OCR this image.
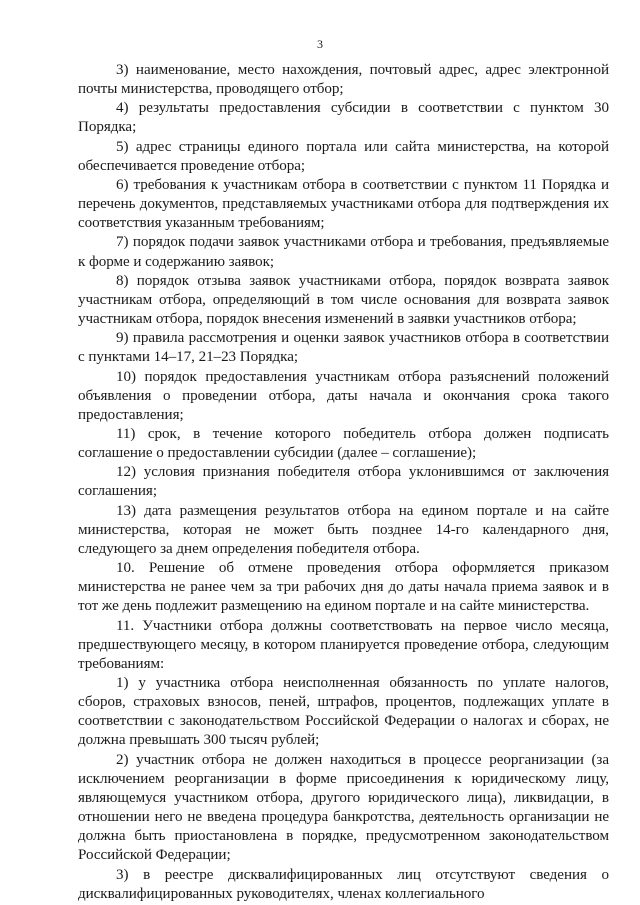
3

3) наименование, место нахождения, почтовый адрес, адрес электронной почты министерства, проводящего отбор;

4) результаты предоставления субсидии в соответствии с пунктом 30 Порядка;

5) адрес страницы единого портала или сайта министерства, на которой обеспечивается проведение отбора;

6) требования к участникам отбора в соответствии с пунктом 11 Порядка и перечень документов, представляемых участниками отбора для подтверждения их соответствия указанным требованиям;

7) порядок подачи заявок участниками отбора и требования, предъявляемые к форме и содержанию заявок;

8) порядок отзыва заявок участниками отбора, порядок возврата заявок участникам отбора, определяющий в том числе основания для возврата заявок участникам отбора, порядок внесения изменений в заявки участников отбора;

9) правила рассмотрения и оценки заявок участников отбора в соответствии с пунктами 14–17, 21–23 Порядка;

10) порядок предоставления участникам отбора разъяснений положений объявления о проведении отбора, даты начала и окончания срока такого предоставления;

11) срок, в течение которого победитель отбора должен подписать соглашение о предоставлении субсидии (далее – соглашение);

12) условия признания победителя отбора уклонившимся от заключения соглашения;

13) дата размещения результатов отбора на едином портале и на сайте министерства, которая не может быть позднее 14-го календарного дня, следующего за днем определения победителя отбора.

10. Решение об отмене проведения отбора оформляется приказом министерства не ранее чем за три рабочих дня до даты начала приема заявок и в тот же день подлежит размещению на едином портале и на сайте министерства.

11. Участники отбора должны соответствовать на первое число месяца, предшествующего месяцу, в котором планируется проведение отбора, следующим требованиям:

1) у участника отбора неисполненная обязанность по уплате налогов, сборов, страховых взносов, пеней, штрафов, процентов, подлежащих уплате в соответствии с законодательством Российской Федерации о налогах и сборах, не должна превышать 300 тысяч рублей;

2) участник отбора не должен находиться в процессе реорганизации (за исключением реорганизации в форме присоединения к юридическому лицу, являющемуся участником отбора, другого юридического лица), ликвидации, в отношении него не введена процедура банкротства, деятельность организации не должна быть приостановлена в порядке, предусмотренном законодательством Российской Федерации;

3) в реестре дисквалифицированных лиц отсутствуют сведения о дисквалифицированных руководителях, членах коллегиального
